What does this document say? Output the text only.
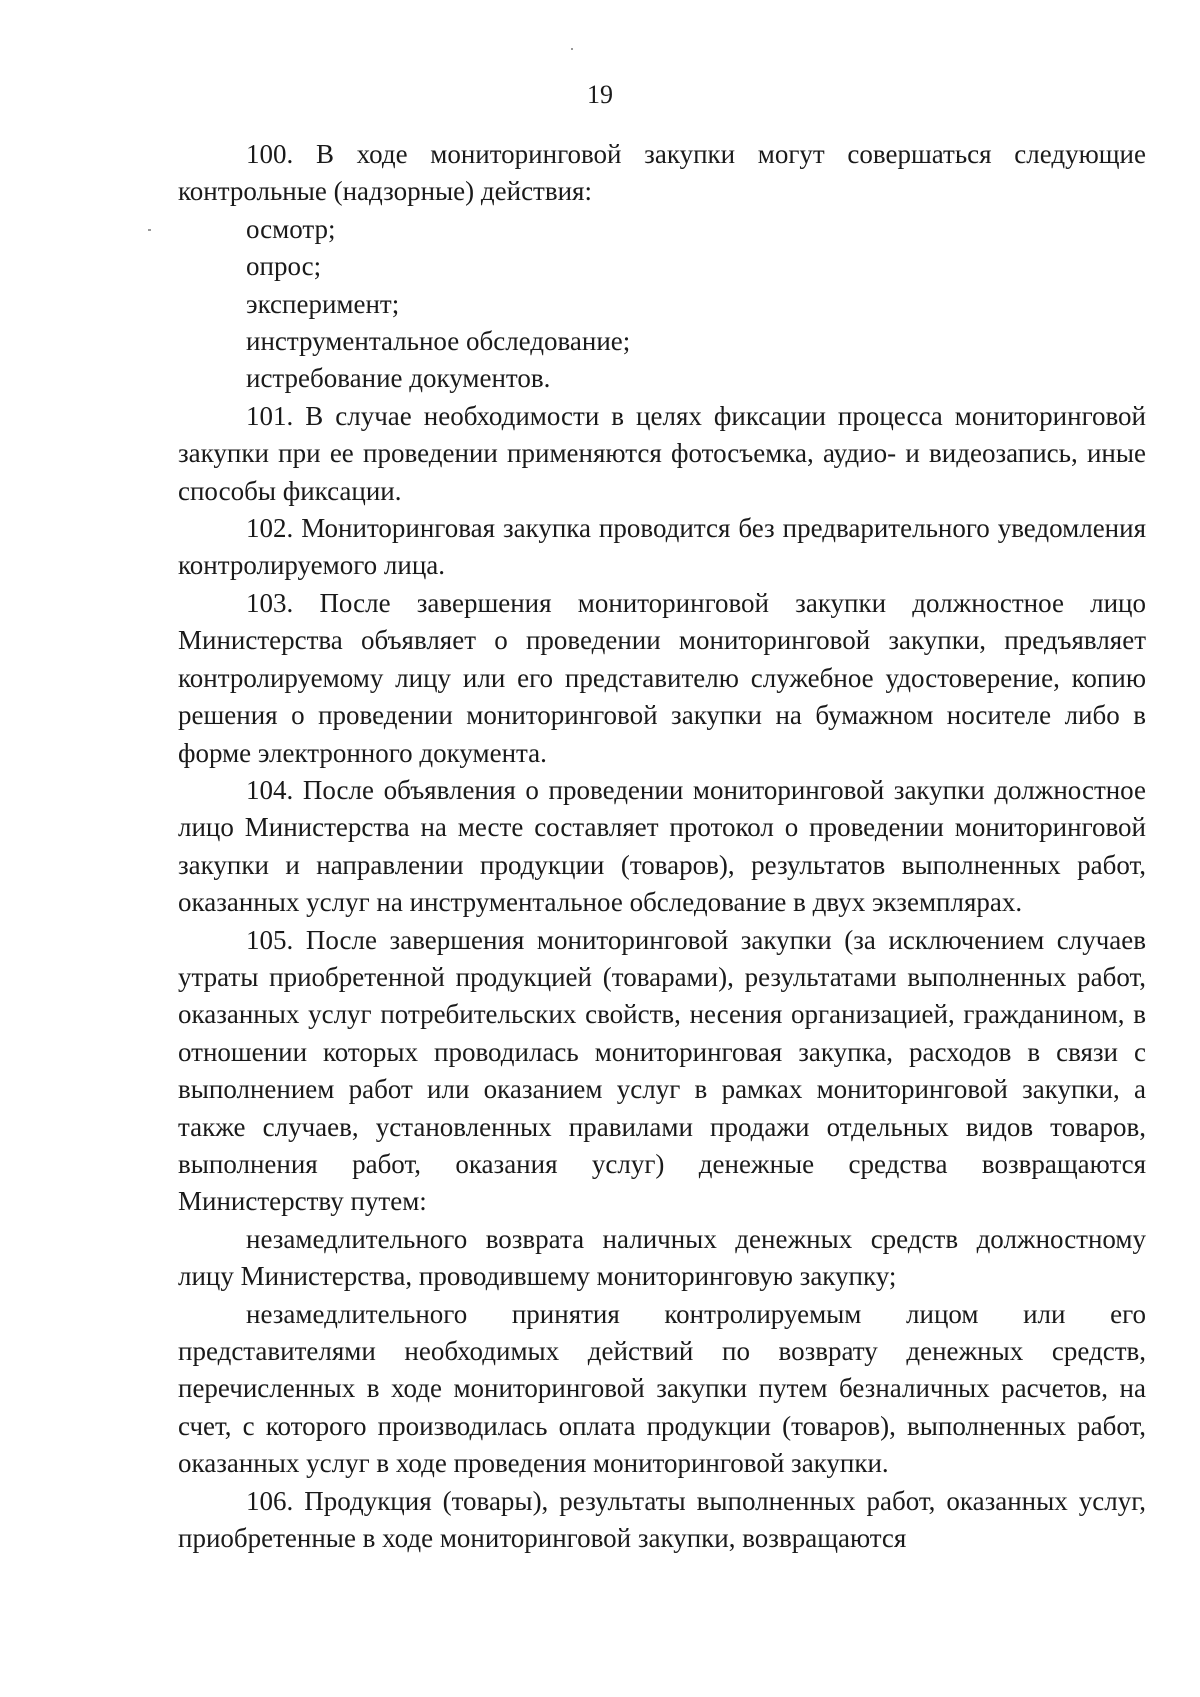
19

100. В ходе мониторинговой закупки могут совершаться следующие контрольные (надзорные) действия:

осмотр;

опрос;

эксперимент;

инструментальное обследование;

истребование документов.

101. В случае необходимости в целях фиксации процесса мониторинговой закупки при ее проведении применяются фотосъемка, аудио- и видеозапись, иные способы фиксации.

102. Мониторинговая закупка проводится без предварительного уведомления контролируемого лица.

103. После завершения мониторинговой закупки должностное лицо Министерства объявляет о проведении мониторинговой закупки, предъявляет контролируемому лицу или его представителю служебное удостоверение, копию решения о проведении мониторинговой закупки на бумажном носителе либо в форме электронного документа.

104. После объявления о проведении мониторинговой закупки должностное лицо Министерства на месте составляет протокол о проведении мониторинговой закупки и направлении продукции (товаров), результатов выполненных работ, оказанных услуг на инструментальное обследование в двух экземплярах.

105. После завершения мониторинговой закупки (за исключением случаев утраты приобретенной продукцией (товарами), результатами выполненных работ, оказанных услуг потребительских свойств, несения организацией, гражданином, в отношении которых проводилась мониторинговая закупка, расходов в связи с выполнением работ или оказанием услуг в рамках мониторинговой закупки, а также случаев, установленных правилами продажи отдельных видов товаров, выполнения работ, оказания услуг) денежные средства возвращаются Министерству путем:

незамедлительного возврата наличных денежных средств должностному лицу Министерства, проводившему мониторинговую закупку;

незамедлительного принятия контролируемым лицом или его представителями необходимых действий по возврату денежных средств, перечисленных в ходе мониторинговой закупки путем безналичных расчетов, на счет, с которого производилась оплата продукции (товаров), выполненных работ, оказанных услуг в ходе проведения мониторинговой закупки.

106. Продукция (товары), результаты выполненных работ, оказанных услуг, приобретенные в ходе мониторинговой закупки, возвращаются
